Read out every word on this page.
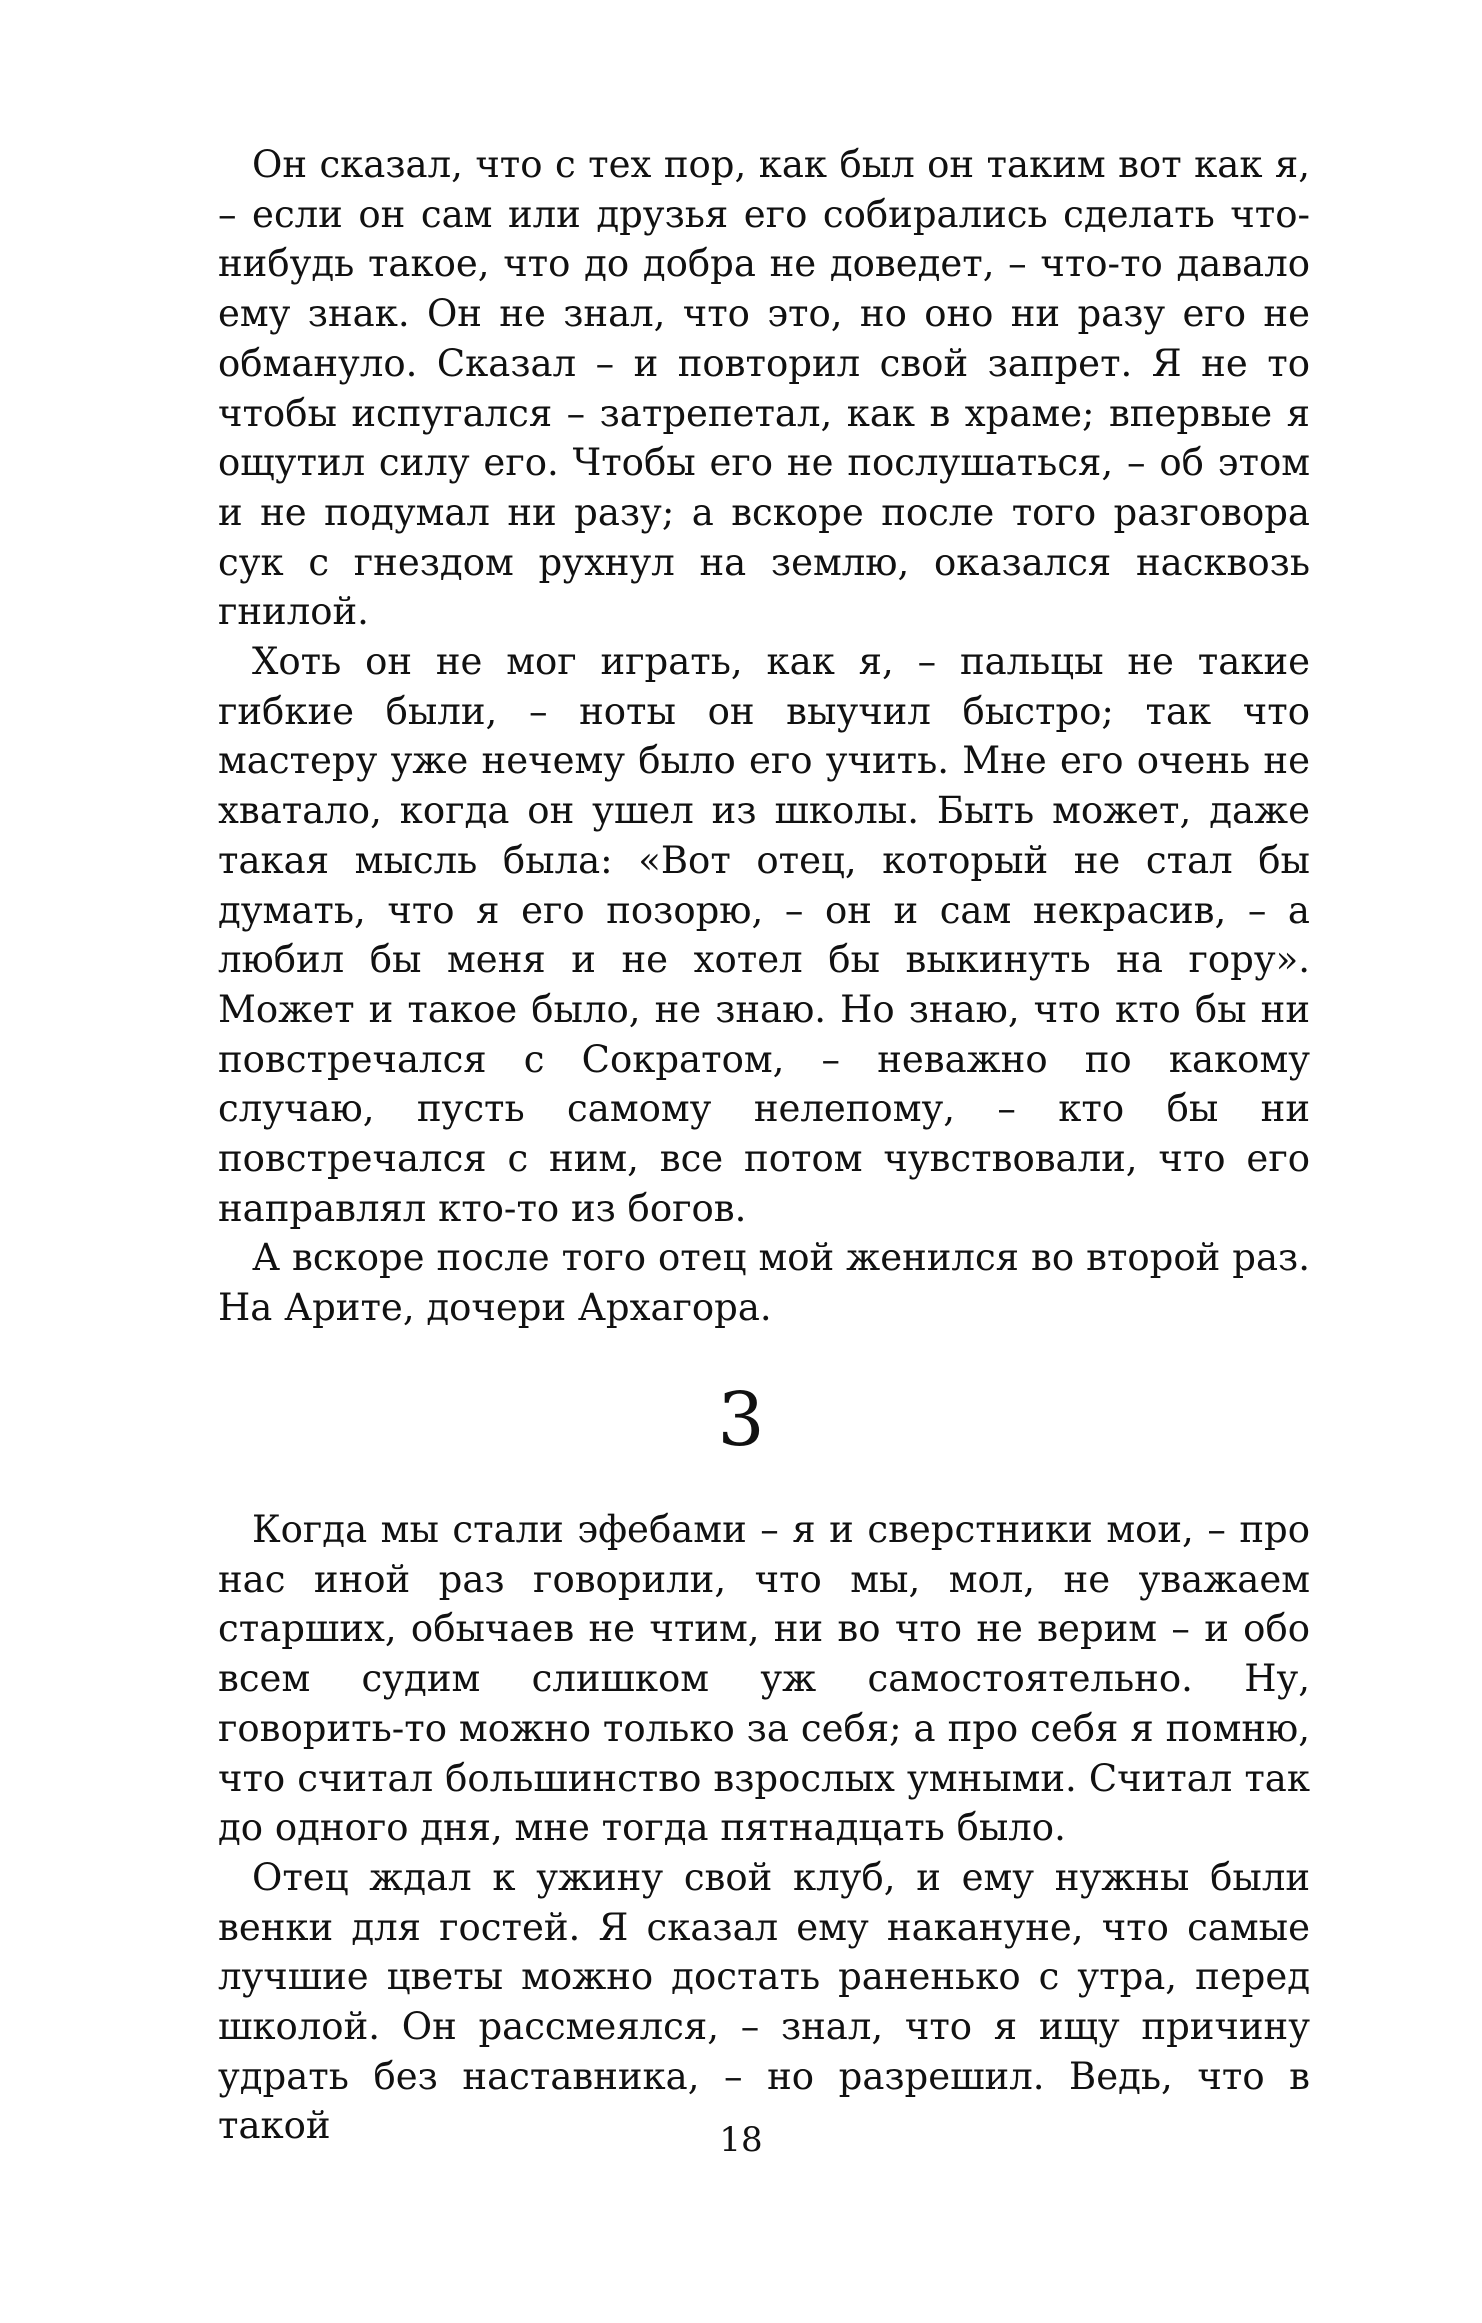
Он сказал, что с тех пор, как был он таким вот как я, – если он сам или друзья его собирались сделать что-нибудь такое, что до добра не доведет, – что-то давало ему знак. Он не знал, что это, но оно ни разу его не обмануло. Сказал – и повторил свой запрет. Я не то чтобы испугался – затрепетал, как в храме; впервые я ощутил силу его. Чтобы его не послушаться, – об этом и не подумал ни разу; а вскоре после того разговора сук с гнездом рухнул на землю, оказался насквозь гнилой.

Хоть он не мог играть, как я, – пальцы не такие гибкие были, – ноты он выучил быстро; так что мастеру уже нечему было его учить. Мне его очень не хватало, когда он ушел из школы. Быть может, даже такая мысль была: «Вот отец, который не стал бы думать, что я его позорю, – он и сам некрасив, – а любил бы меня и не хотел бы выкинуть на гору». Может и такое было, не знаю. Но знаю, что кто бы ни повстречался с Сократом, – неважно по какому случаю, пусть самому нелепому, – кто бы ни повстречался с ним, все потом чувствовали, что его направлял кто-то из богов.

А вскоре после того отец мой женился во второй раз. На Арите, дочери Архагора.

3

Когда мы стали эфебами – я и сверстники мои, – про нас иной раз говорили, что мы, мол, не уважаем старших, обычаев не чтим, ни во что не верим – и обо всем судим слишком уж самостоятельно. Ну, говорить-то можно только за себя; а про себя я помню, что считал большинство взрослых умными. Считал так до одного дня, мне тогда пятнадцать было.

Отец ждал к ужину свой клуб, и ему нужны были венки для гостей. Я сказал ему накануне, что самые лучшие цветы можно достать раненько с утра, перед школой. Он рассмеялся, – знал, что я ищу причину удрать без наставника, – но разрешил. Ведь, что в такой	18
